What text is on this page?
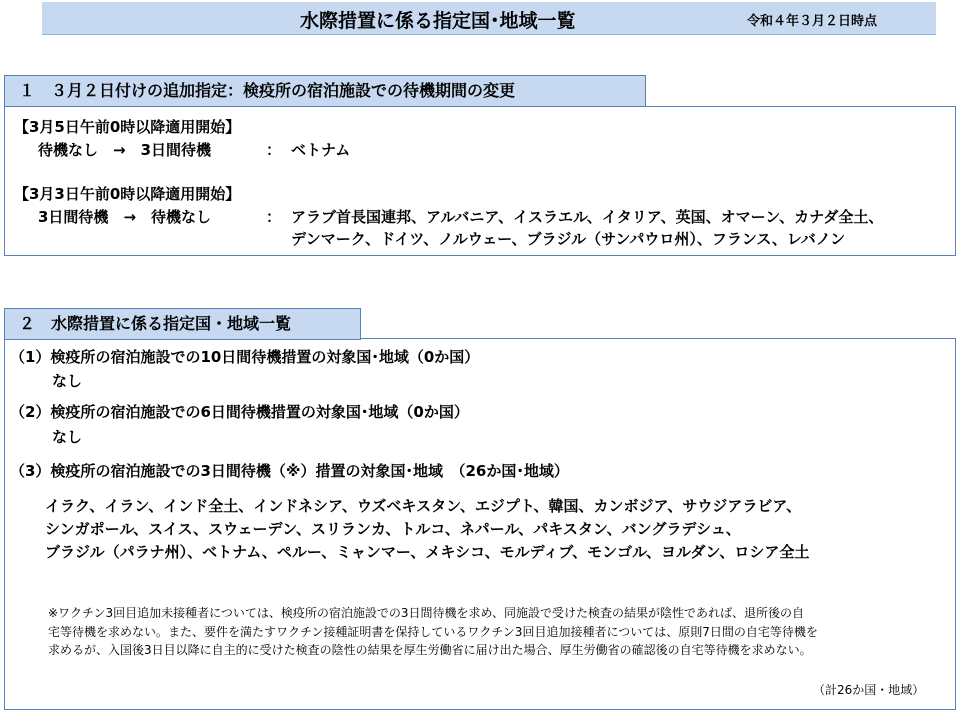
水際措置に係る指定国･地域一覧	令和４年３月２日時点
１　３月２日付けの追加指定：検疫所の宿泊施設での待機期間の変更
【3月5日午前0時以降適用開始】
待機なし　→　3日間待機	： ベトナム
【3月3日午前0時以降適用開始】
3日間待機　→　待機なし	： アラブ首長国連邦、アルバニア、イスラエル、イタリア、英国、オマーン、カナダ全土、
デンマーク、ドイツ、ノルウェー、ブラジル（サンパウロ州）、フランス、レバノン
２　水際措置に係る指定国・地域一覧
（1）検疫所の宿泊施設での10日間待機措置の対象国･地域（0か国）
なし
（2）検疫所の宿泊施設での6日間待機措置の対象国･地域（0か国）
なし
（3）検疫所の宿泊施設での3日間待機（※）措置の対象国･地域　（26か国･地域）
イラク、イラン、インド全土、インドネシア、ウズベキスタン、エジプト、韓国、カンボジア、サウジアラビア、
シンガポール、スイス、スウェーデン、スリランカ、トルコ、ネパール、パキスタン、バングラデシュ、
ブラジル（パラナ州）、ベトナム、ペルー、ミャンマー、メキシコ、モルディブ、モンゴル、ヨルダン、ロシア全土
※ワクチン3回目追加未接種者については、検疫所の宿泊施設での3日間待機を求め、同施設で受けた検査の結果が陰性であれば、退所後の自
宅等待機を求めない。また、要件を満たすワクチン接種証明書を保持しているワクチン3回目追加接種者については、原則7日間の自宅等待機を
求めるが、入国後3日目以降に自主的に受けた検査の陰性の結果を厚生労働省に届け出た場合、厚生労働省の確認後の自宅等待機を求めない。
（計26か国・地域）
